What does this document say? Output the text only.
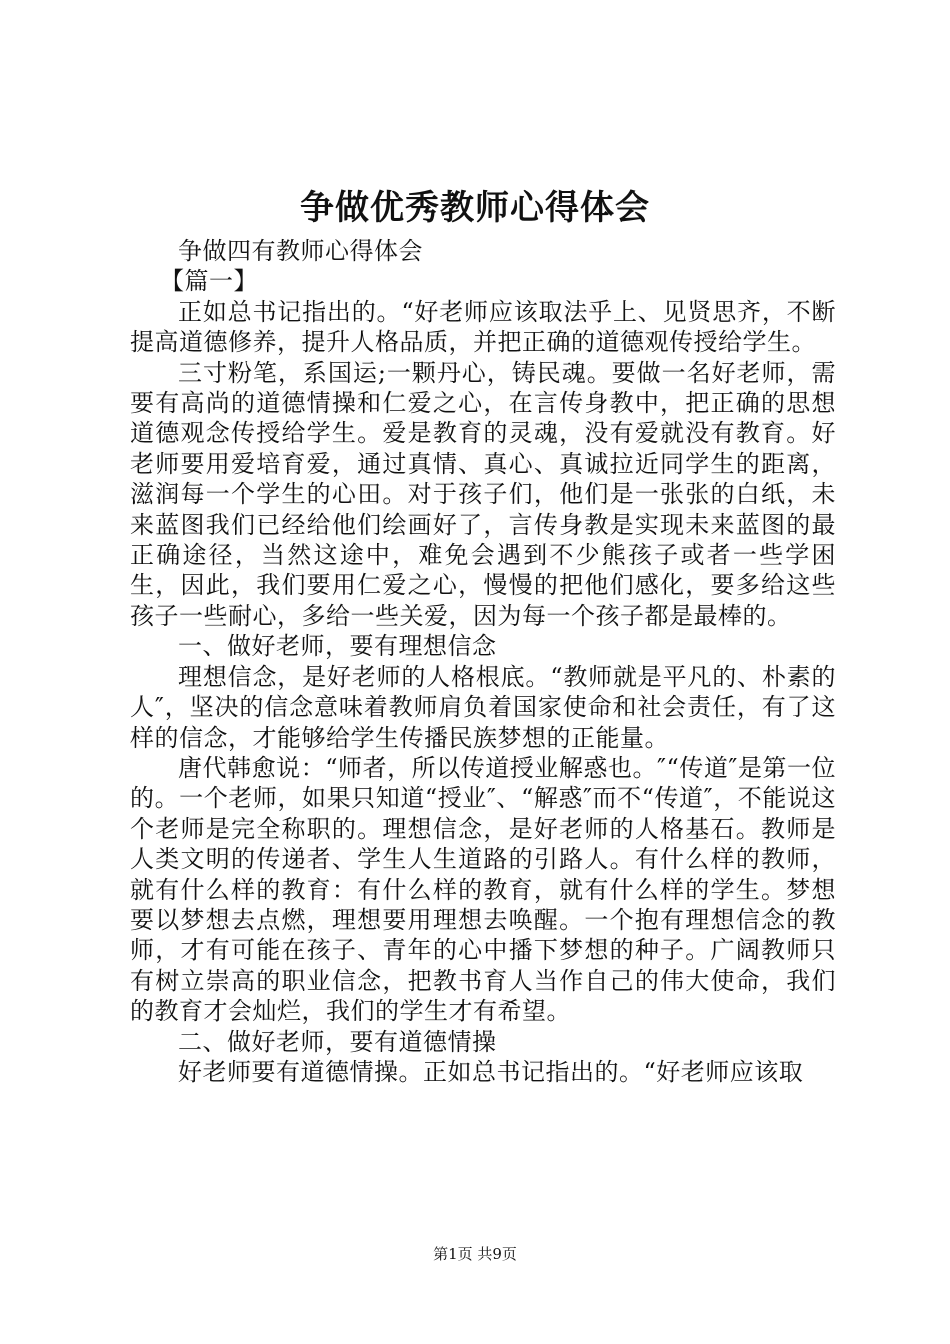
争做优秀教师心得体会

争做四有教师心得体会

【篇一】

正如总书记指出的。“好老师应该取法乎上、见贤思齐，不断提高道德修养，提升人格品质，并把正确的道德观传授给学生。

三寸粉笔，系国运;一颗丹心，铸民魂。要做一名好老师，需要有高尚的道德情操和仁爱之心，在言传身教中，把正确的思想道德观念传授给学生。爱是教育的灵魂，没有爱就没有教育。好老师要用爱培育爱，通过真情、真心、真诚拉近同学生的距离，滋润每一个学生的心田。对于孩子们，他们是一张张的白纸，未来蓝图我们已经给他们绘画好了，言传身教是实现未来蓝图的最正确途径，当然这途中，难免会遇到不少熊孩子或者一些学困生，因此，我们要用仁爱之心，慢慢的把他们感化，要多给这些孩子一些耐心，多给一些关爱，因为每一个孩子都是最棒的。

一、做好老师，要有理想信念

理想信念，是好老师的人格根底。“教师就是平凡的、朴素的人″，坚决的信念意味着教师肩负着国家使命和社会责任，有了这样的信念，才能够给学生传播民族梦想的正能量。

唐代韩愈说：“师者，所以传道授业解惑也。″“传道″是第一位的。一个老师，如果只知道“授业″、“解惑″而不“传道″，不能说这个老师是完全称职的。理想信念，是好老师的人格基石。教师是人类文明的传递者、学生人生道路的引路人。有什么样的教师，就有什么样的教育：有什么样的教育，就有什么样的学生。梦想要以梦想去点燃，理想要用理想去唤醒。一个抱有理想信念的教师，才有可能在孩子、青年的心中播下梦想的种子。广阔教师只有树立崇高的职业信念，把教书育人当作自己的伟大使命，我们的教育才会灿烂，我们的学生才有希望。

二、做好老师，要有道德情操

好老师要有道德情操。正如总书记指出的。“好老师应该取

第1页 共9页
